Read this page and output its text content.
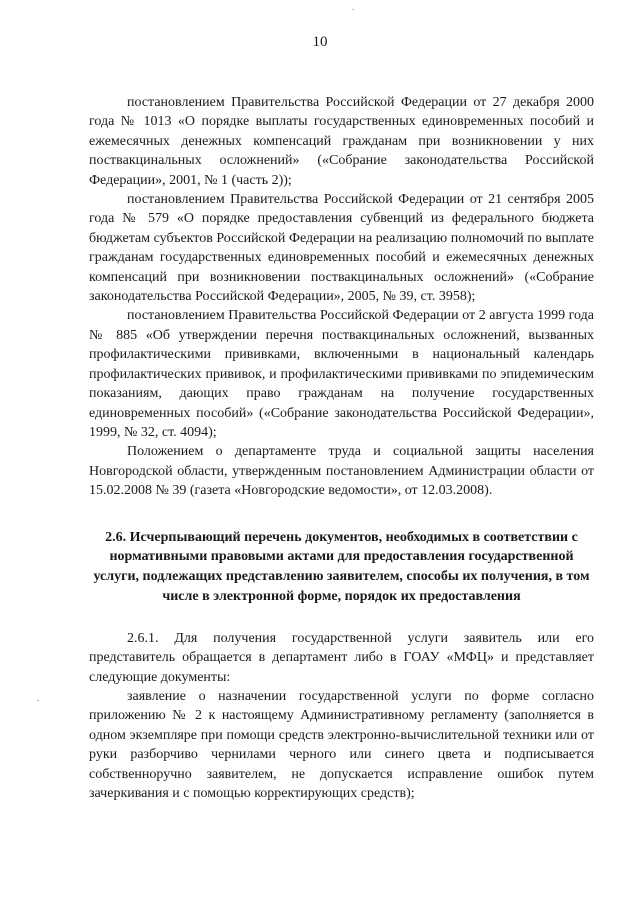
10

постановлением Правительства Российской Федерации от 27 декабря 2000 года № 1013 «О порядке выплаты государственных единовременных пособий и ежемесячных денежных компенсаций гражданам при возникновении у них поствакцинальных осложнений» («Собрание законодательства Российской Федерации», 2001, № 1 (часть 2));

постановлением Правительства Российской Федерации от 21 сентября 2005 года № 579 «О порядке предоставления субвенций из федерального бюджета бюджетам субъектов Российской Федерации на реализацию полномочий по выплате гражданам государственных единовременных пособий и ежемесячных денежных компенсаций при возникновении поствакцинальных осложнений» («Собрание законодательства Российской Федерации», 2005, № 39, ст. 3958);

постановлением Правительства Российской Федерации от 2 августа 1999 года № 885 «Об утверждении перечня поствакцинальных осложнений, вызванных профилактическими прививками, включенными в национальный календарь профилактических прививок, и профилактическими прививками по эпидемическим показаниям, дающих право гражданам на получение государственных единовременных пособий» («Собрание законодательства Российской Федерации», 1999, № 32, ст. 4094);

Положением о департаменте труда и социальной защиты населения Новгородской области, утвержденным постановлением Администрации области от 15.02.2008 № 39 (газета «Новгородские ведомости», от 12.03.2008).

2.6. Исчерпывающий перечень документов, необходимых в соответствии с нормативными правовыми актами для предоставления государственной услуги, подлежащих представлению заявителем, способы их получения, в том числе в электронной форме, порядок их предоставления

2.6.1. Для получения государственной услуги заявитель или его представитель обращается в департамент либо в ГОАУ «МФЦ» и представляет следующие документы:

заявление о назначении государственной услуги по форме согласно приложению № 2 к настоящему Административному регламенту (заполняется в одном экземпляре при помощи средств электронно-вычислительной техники или от руки разборчиво чернилами черного или синего цвета и подписывается собственноручно заявителем, не допускается исправление ошибок путем зачеркивания и с помощью корректирующих средств);
